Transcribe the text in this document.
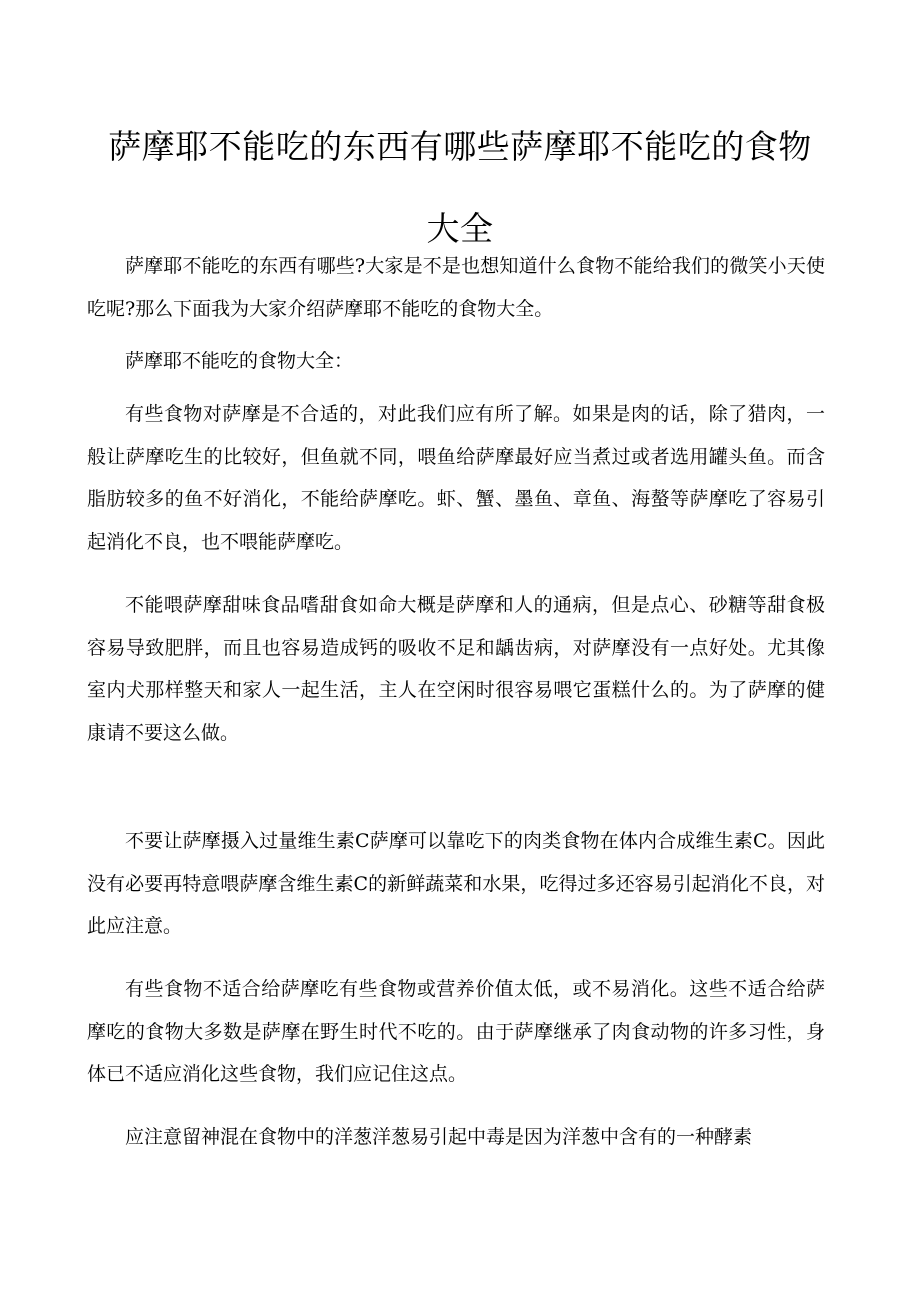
萨摩耶不能吃的东西有哪些萨摩耶不能吃的食物大全

萨摩耶不能吃的东西有哪些?大家是不是也想知道什么食物不能给我们的微笑小天使吃呢?那么下面我为大家介绍萨摩耶不能吃的食物大全。

萨摩耶不能吃的食物大全：

有些食物对萨摩是不合适的，对此我们应有所了解。如果是肉的话，除了猎肉，一般让萨摩吃生的比较好，但鱼就不同，喂鱼给萨摩最好应当煮过或者选用罐头鱼。而含脂肪较多的鱼不好消化，不能给萨摩吃。虾、蟹、墨鱼、章鱼、海螯等萨摩吃了容易引起消化不良，也不喂能萨摩吃。

不能喂萨摩甜味食品嗜甜食如命大概是萨摩和人的通病，但是点心、砂糖等甜食极容易导致肥胖，而且也容易造成钙的吸收不足和龋齿病，对萨摩没有一点好处。尤其像室内犬那样整天和家人一起生活，主人在空闲时很容易喂它蛋糕什么的。为了萨摩的健康请不要这么做。

不要让萨摩摄入过量维生素C萨摩可以靠吃下的肉类食物在体内合成维生素C。因此没有必要再特意喂萨摩含维生素C的新鲜蔬菜和水果，吃得过多还容易引起消化不良，对此应注意。

有些食物不适合给萨摩吃有些食物或营养价值太低，或不易消化。这些不适合给萨摩吃的食物大多数是萨摩在野生时代不吃的。由于萨摩继承了肉食动物的许多习性，身体已不适应消化这些食物，我们应记住这点。

应注意留神混在食物中的洋葱洋葱易引起中毒是因为洋葱中含有的一种酵素
